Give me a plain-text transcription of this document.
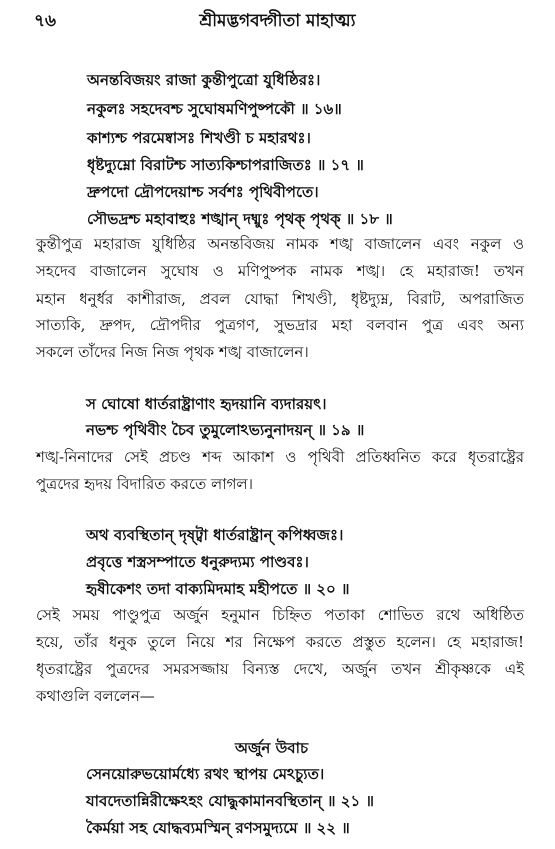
৭৬	শ্রীমদ্ভগবদ্গীতা মাহাত্ম্য
অনন্তবিজয়ং রাজা কুন্তীপুত্রো যুধিষ্ঠিরঃ।
নকুলঃ সহদেবশ্চ সুঘোষমণিপুষ্পকৌ ॥ ১৬॥
কাশ্যশ্চ পরমেষ্বাসঃ শিখণ্ডী চ মহারথঃ।
ধৃষ্টদ্যুম্নো বিরাটশ্চ সাত্যকিশ্চাপরাজিতঃ ॥ ১৭ ॥
দ্রুপদো দ্রৌপদেয়াশ্চ সর্বশঃ পৃথিবীপতে।
সৌভদ্রশ্চ মহাবাহুঃ শঙ্খান্ দধ্মুঃ পৃথক্ পৃথক্ ॥ ১৮ ॥
কুন্তীপুত্র মহারাজ যুধিষ্ঠির অনন্তবিজয় নামক শঙ্খ বাজালেন এবং নকুল ও
সহদেব বাজালেন সুঘোষ ও মণিপুষ্পক নামক শঙ্খ। হে মহারাজ! তখন
মহান ধনুর্ধর কাশীরাজ, প্রবল যোদ্ধা শিখণ্ডী, ধৃষ্টদ্যুম্ন, বিরাট, অপরাজিত
সাত্যকি, দ্রুপদ, দ্রৌপদীর পুত্রগণ, সুভদ্রার মহা বলবান পুত্র এবং অন্য
সকলে তাঁদের নিজ নিজ পৃথক শঙ্খ বাজালেন।
স ঘোষো ধার্তরাষ্ট্রাণাং হৃদয়ানি ব্যদারয়ৎ।
নভশ্চ পৃথিবীং চৈব তুমুলোঽভ্যনুনাদয়ন্ ॥ ১৯ ॥
শঙ্খ-নিনাদের সেই প্রচণ্ড শব্দ আকাশ ও পৃথিবী প্রতিধ্বনিত করে ধৃতরাষ্ট্রের
পুত্রদের হৃদয় বিদারিত করতে লাগল।
অথ ব্যবস্থিতান্ দৃষ্ট্বা ধার্তরাষ্ট্রান্ কপিধ্বজঃ।
প্রবৃত্তে শস্ত্রসম্পাতে ধনুরুদ্যম্য পাণ্ডবঃ।
হৃষীকেশং তদা বাক্যমিদমাহ মহীপতে ॥ ২০ ॥
সেই সময় পাণ্ডুপুত্র অর্জুন হনুমান চিহ্নিত পতাকা শোভিত রথে অধিষ্ঠিত
হয়ে, তাঁর ধনুক তুলে নিয়ে শর নিক্ষেপ করতে প্রস্তুত হলেন। হে মহারাজ!
ধৃতরাষ্ট্রের পুত্রদের সমরসজ্জায় বিন্যস্ত দেখে, অর্জুন তখন শ্রীকৃষ্ণকে এই
কথাগুলি বললেন—
অর্জুন উবাচ
সেনয়োরুভয়োর্মধ্যে রথং স্থাপয় মেঽচ্যুত।
যাবদেতান্নিরীক্ষেঽহং যোদ্ধুকামানবস্থিতান্ ॥ ২১ ॥
কৈর্ময়া সহ যোদ্ধব্যমস্মিন্ রণসমুদ্যমে ॥ ২২ ॥
